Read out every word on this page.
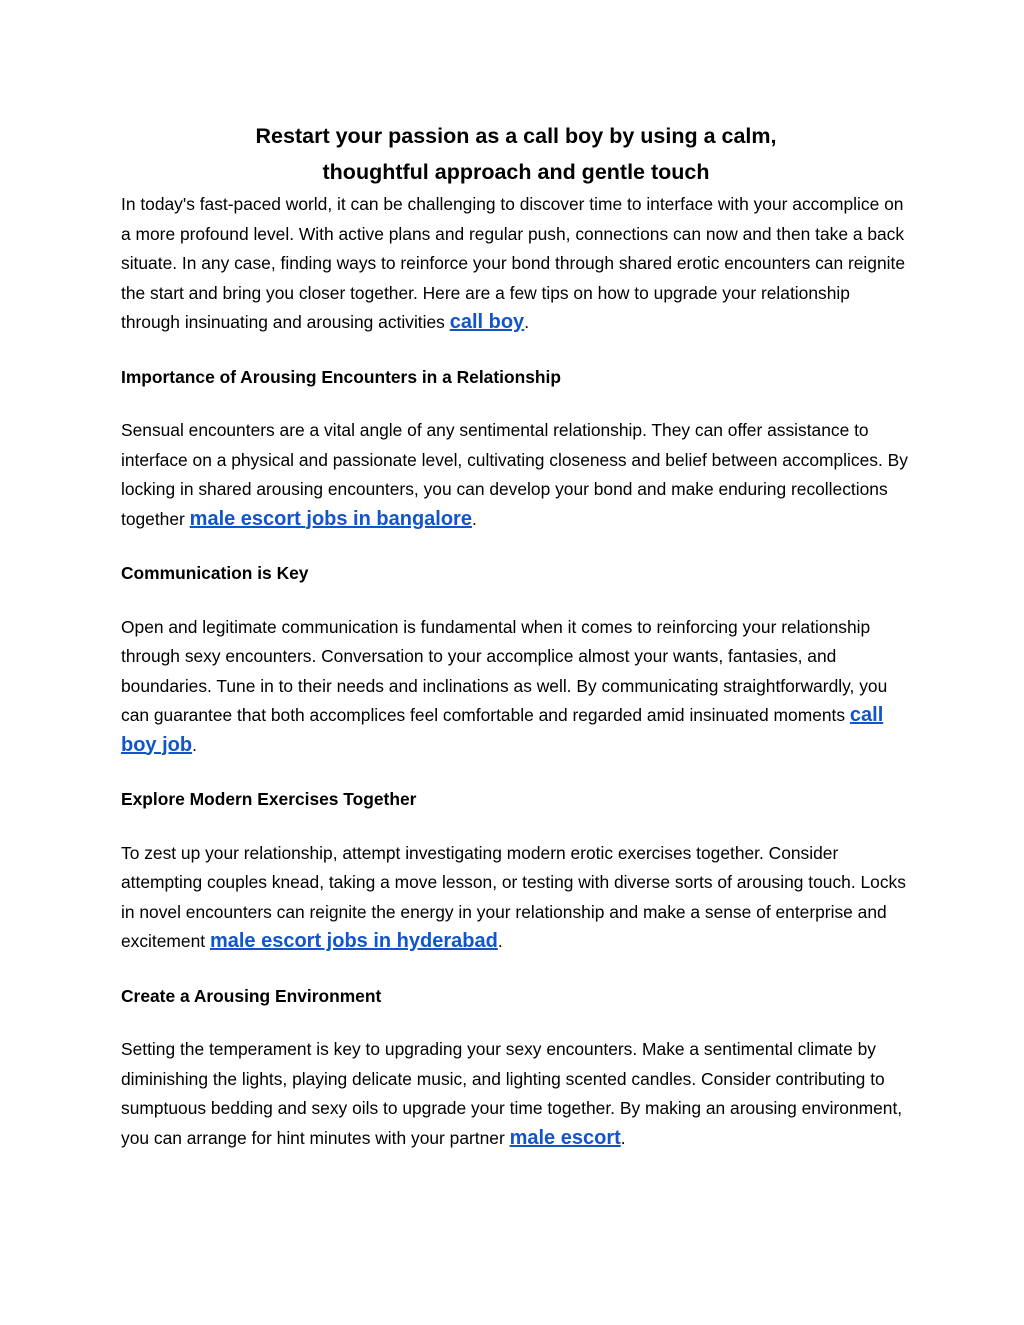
Restart your passion as a call boy by using a calm,
thoughtful approach and gentle touch

In today's fast-paced world, it can be challenging to discover time to interface with your accomplice on a more profound level. With active plans and regular push, connections can now and then take a back situate. In any case, finding ways to reinforce your bond through shared erotic encounters can reignite the start and bring you closer together. Here are a few tips on how to upgrade your relationship through insinuating and arousing activities call boy.

Importance of Arousing Encounters in a Relationship

Sensual encounters are a vital angle of any sentimental relationship. They can offer assistance to interface on a physical and passionate level, cultivating closeness and belief between accomplices. By locking in shared arousing encounters, you can develop your bond and make enduring recollections together male escort jobs in bangalore.

Communication is Key

Open and legitimate communication is fundamental when it comes to reinforcing your relationship through sexy encounters. Conversation to your accomplice almost your wants, fantasies, and boundaries. Tune in to their needs and inclinations as well. By communicating straightforwardly, you can guarantee that both accomplices feel comfortable and regarded amid insinuated moments call boy job.

Explore Modern Exercises Together

To zest up your relationship, attempt investigating modern erotic exercises together. Consider attempting couples knead, taking a move lesson, or testing with diverse sorts of arousing touch. Locks in novel encounters can reignite the energy in your relationship and make a sense of enterprise and excitement male escort jobs in hyderabad.

Create a Arousing Environment

Setting the temperament is key to upgrading your sexy encounters. Make a sentimental climate by diminishing the lights, playing delicate music, and lighting scented candles. Consider contributing to sumptuous bedding and sexy oils to upgrade your time together. By making an arousing environment, you can arrange for hint minutes with your partner male escort.
